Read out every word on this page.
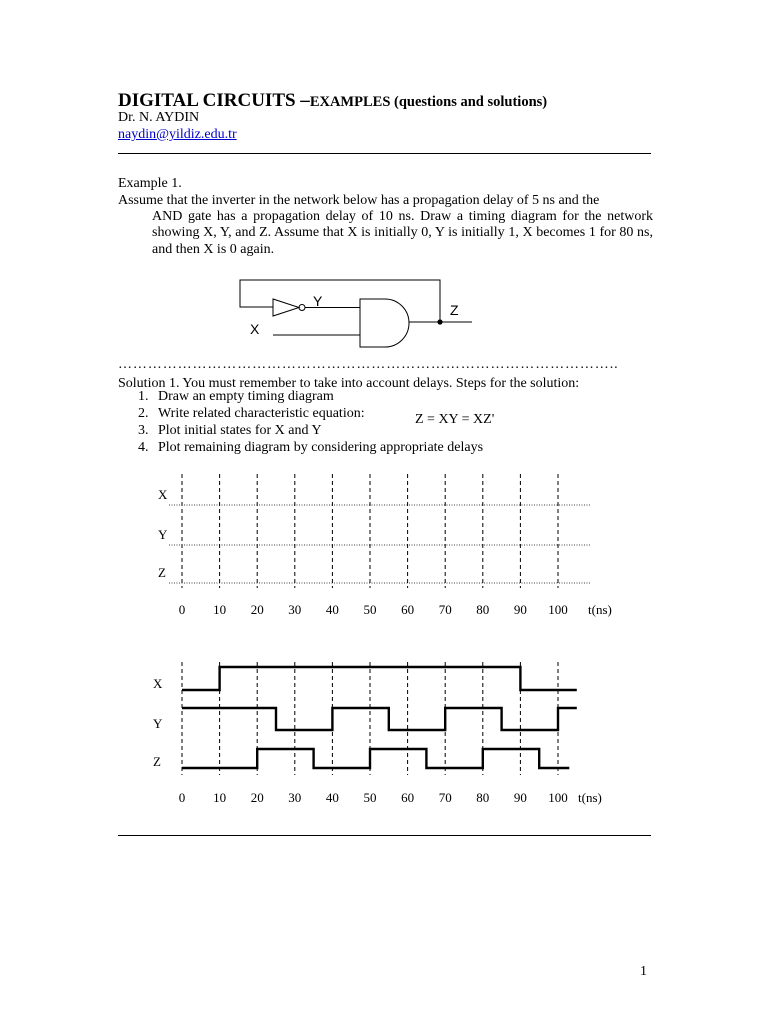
DIGITAL CIRCUITS –EXAMPLES (questions and solutions)
Dr. N. AYDIN
naydin@yildiz.edu.tr
Example 1.
Assume that the inverter in the network below has a propagation delay of 5 ns and the
AND gate has a propagation delay of 10 ns. Draw a timing diagram for the network showing X, Y, and Z. Assume that X is initially 0, Y is initially 1, X becomes 1 for 80 ns, and then X is 0 again.
Y
X
Z
………………………………………………………………………………………..
Solution 1. You must remember to take into account delays. Steps for the solution:
1. Draw an empty timing diagram
2. Write related characteristic equation:
3. Plot initial states for X and Y
4. Plot remaining diagram by considering appropriate delays
Z = XY = XZ'
X
Y
Z
0 10 20 30 40 50 60 70 80 90 100 t(ns)
X
Y
Z
0 10 20 30 40 50 60 70 80 90 100 t(ns)
1
